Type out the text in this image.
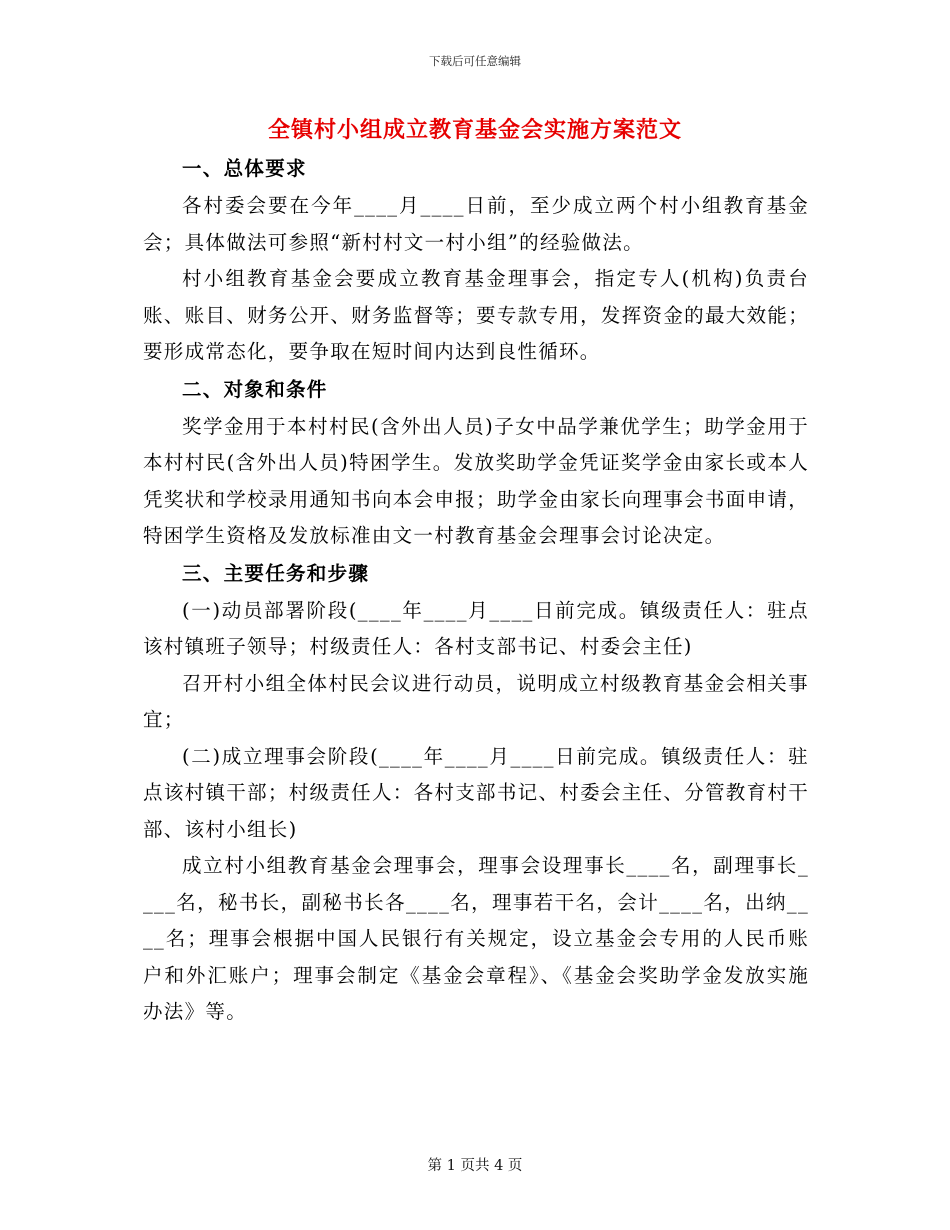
下载后可任意编辑
全镇村小组成立教育基金会实施方案范文
一、总体要求

各村委会要在今年____月____日前，至少成立两个村小组教育基金会；具体做法可参照“新村村文一村小组”的经验做法。

村小组教育基金会要成立教育基金理事会，指定专人(机构)负责台账、账目、财务公开、财务监督等；要专款专用，发挥资金的最大效能；要形成常态化，要争取在短时间内达到良性循环。

二、对象和条件

奖学金用于本村村民(含外出人员)子女中品学兼优学生；助学金用于本村村民(含外出人员)特困学生。发放奖助学金凭证奖学金由家长或本人凭奖状和学校录用通知书向本会申报；助学金由家长向理事会书面申请，特困学生资格及发放标准由文一村教育基金会理事会讨论决定。

三、主要任务和步骤

(一)动员部署阶段(____年____月____日前完成。镇级责任人：驻点该村镇班子领导；村级责任人：各村支部书记、村委会主任)

召开村小组全体村民会议进行动员，说明成立村级教育基金会相关事宜；

(二)成立理事会阶段(____年____月____日前完成。镇级责任人：驻点该村镇干部；村级责任人：各村支部书记、村委会主任、分管教育村干部、该村小组长)

成立村小组教育基金会理事会，理事会设理事长____名，副理事长____名，秘书长，副秘书长各____名，理事若干名，会计____名，出纳____名；理事会根据中国人民银行有关规定，设立基金会专用的人民币账户和外汇账户；理事会制定《基金会章程》、《基金会奖助学金发放实施办法》等。

第 1 页共 4 页
